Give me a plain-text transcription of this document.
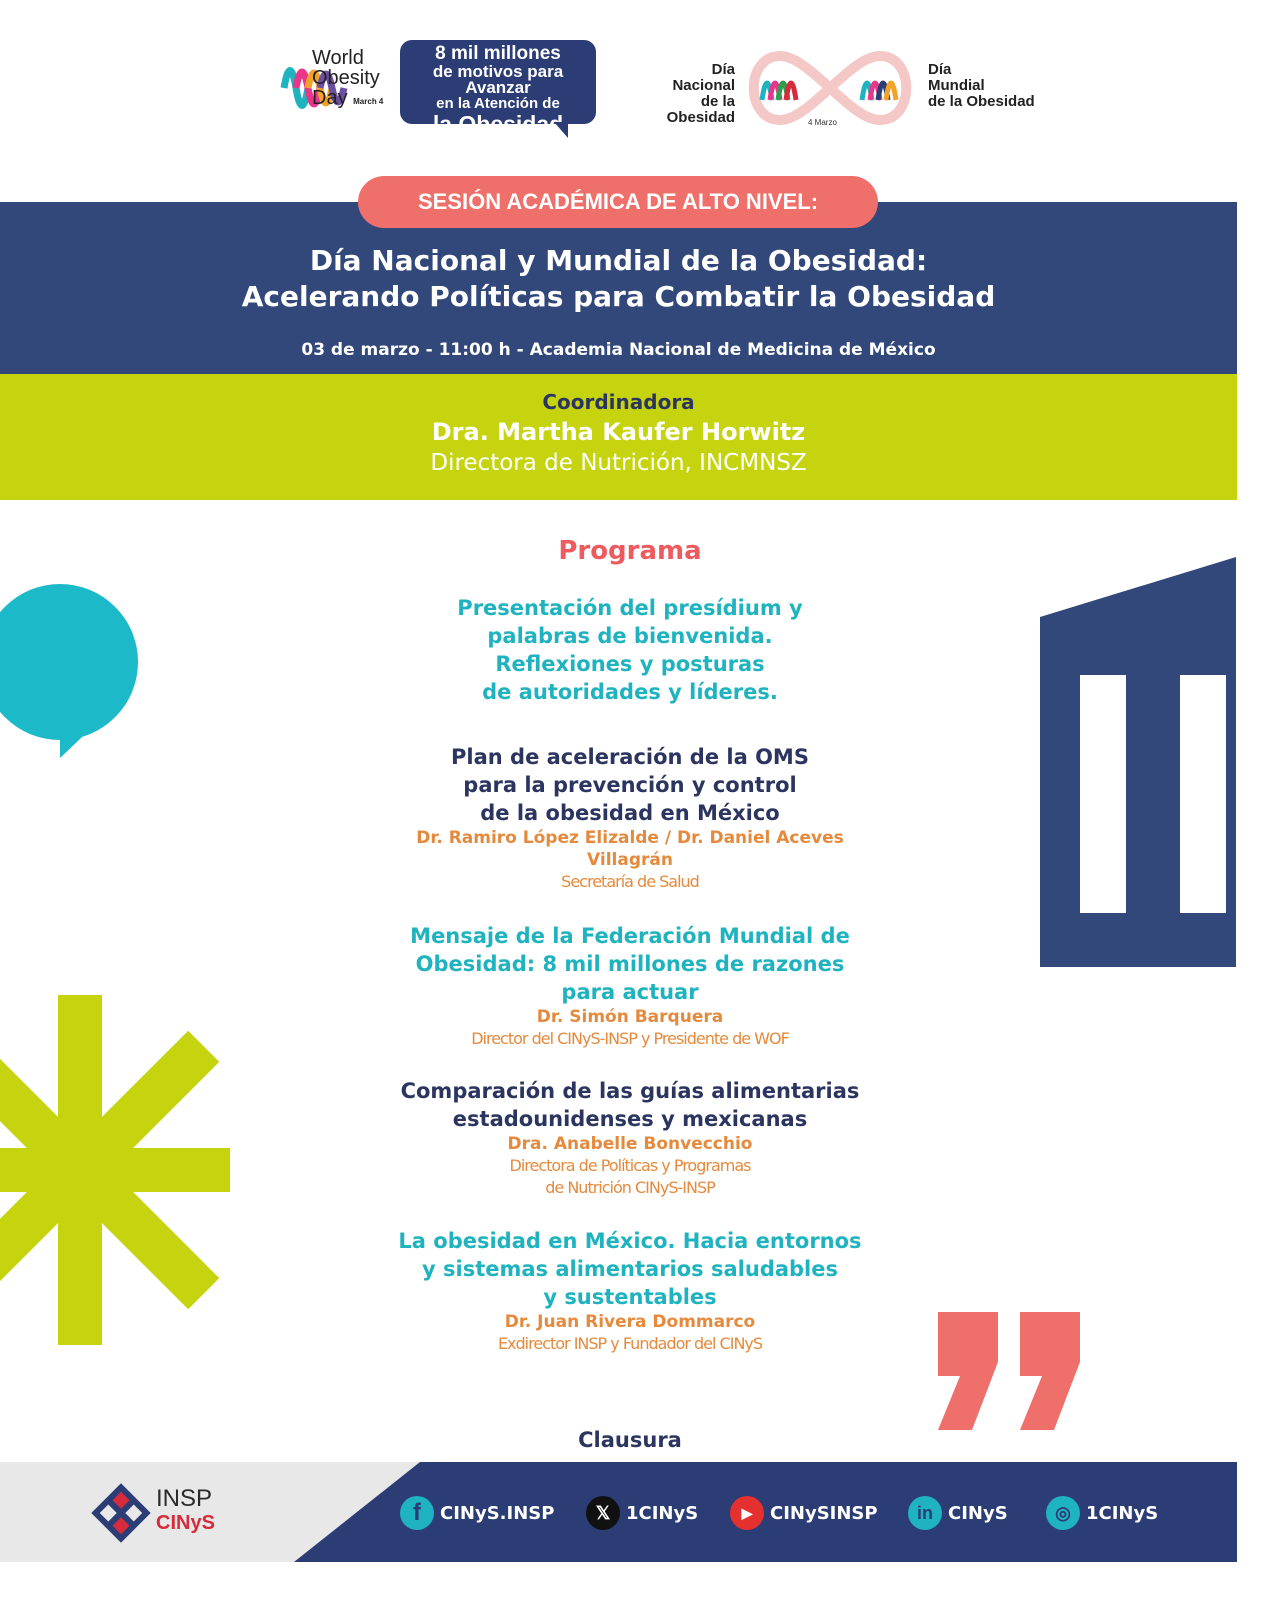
World
Obesity
Day March 4
8 mil millones
de motivos para Avanzar
en la Atención de
la Obesidad
Día
Nacional
de la Obesidad	4 Marzo
Día
Mundial
de la Obesidad
SESIÓN ACADÉMICA DE ALTO NIVEL:
Día Nacional y Mundial de la Obesidad:
Acelerando Políticas para Combatir la Obesidad
03 de marzo - 11:00 h - Academia Nacional de Medicina de México
Coordinadora
Dra. Martha Kaufer Horwitz
Directora de Nutrición, INCMNSZ
Programa
Presentación del presídium y
palabras de bienvenida.
Reflexiones y posturas
de autoridades y líderes.
Plan de aceleración de la OMS
para la prevención y control
de la obesidad en México
Dr. Ramiro López Elizalde / Dr. Daniel Aceves
Villagrán
Secretaría de Salud
Mensaje de la Federación Mundial de
Obesidad: 8 mil millones de razones
para actuar
Dr. Simón Barquera
Director del CINyS-INSP y Presidente de WOF
Comparación de las guías alimentarias
estadounidenses y mexicanas
Dra. Anabelle Bonvecchio
Directora de Políticas y Programas
de Nutrición CINyS-INSP
La obesidad en México. Hacia entornos
y sistemas alimentarios saludables
y sustentables
Dr. Juan Rivera Dommarco
Exdirector INSP y Fundador del CINyS
Clausura
INSP
CINyS	f	CINyS.INSP	𝕏 1CINyS	▶ CINySINSP	in CINyS	◎ 1CINyS
